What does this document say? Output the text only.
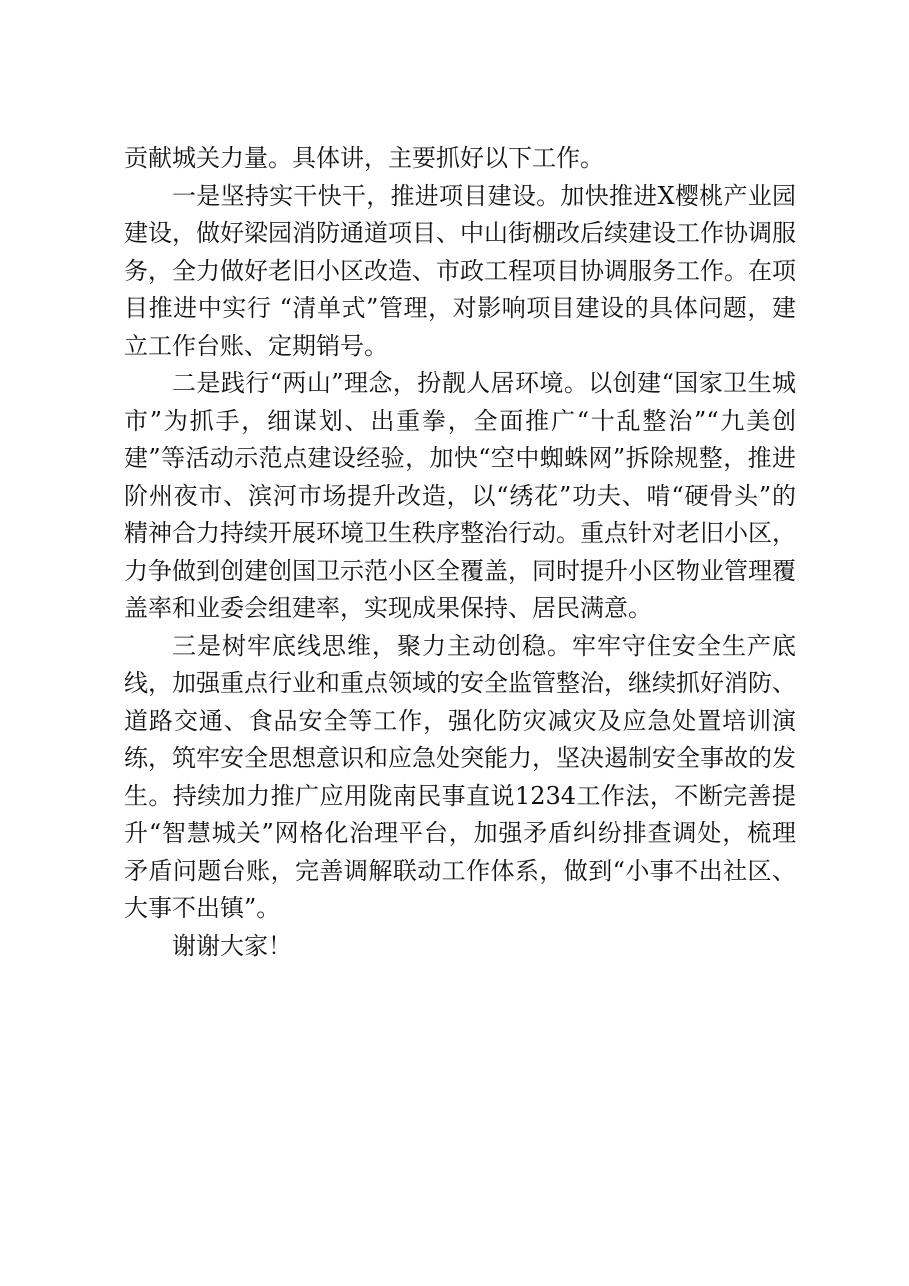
贡献城关力量。具体讲，主要抓好以下工作。

一是坚持实干快干，推进项目建设。加快推进X樱桃产业园建设，做好梁园消防通道项目、中山街棚改后续建设工作协调服务，全力做好老旧小区改造、市政工程项目协调服务工作。在项目推进中实行 “清单式”管理，对影响项目建设的具体问题，建立工作台账、定期销号。

二是践行“两山”理念，扮靓人居环境。以创建“国家卫生城市”为抓手，细谋划、出重拳，全面推广“十乱整治”“九美创建”等活动示范点建设经验，加快“空中蜘蛛网”拆除规整，推进阶州夜市、滨河市场提升改造，以“绣花”功夫、啃“硬骨头”的精神合力持续开展环境卫生秩序整治行动。重点针对老旧小区，力争做到创建创国卫示范小区全覆盖，同时提升小区物业管理覆盖率和业委会组建率，实现成果保持、居民满意。

三是树牢底线思维，聚力主动创稳。牢牢守住安全生产底线，加强重点行业和重点领域的安全监管整治，继续抓好消防、道路交通、食品安全等工作，强化防灾减灾及应急处置培训演练，筑牢安全思想意识和应急处突能力，坚决遏制安全事故的发生。持续加力推广应用陇南民事直说1234工作法，不断完善提升“智慧城关”网格化治理平台，加强矛盾纠纷排查调处，梳理矛盾问题台账，完善调解联动工作体系，做到“小事不出社区、大事不出镇”。

谢谢大家！
